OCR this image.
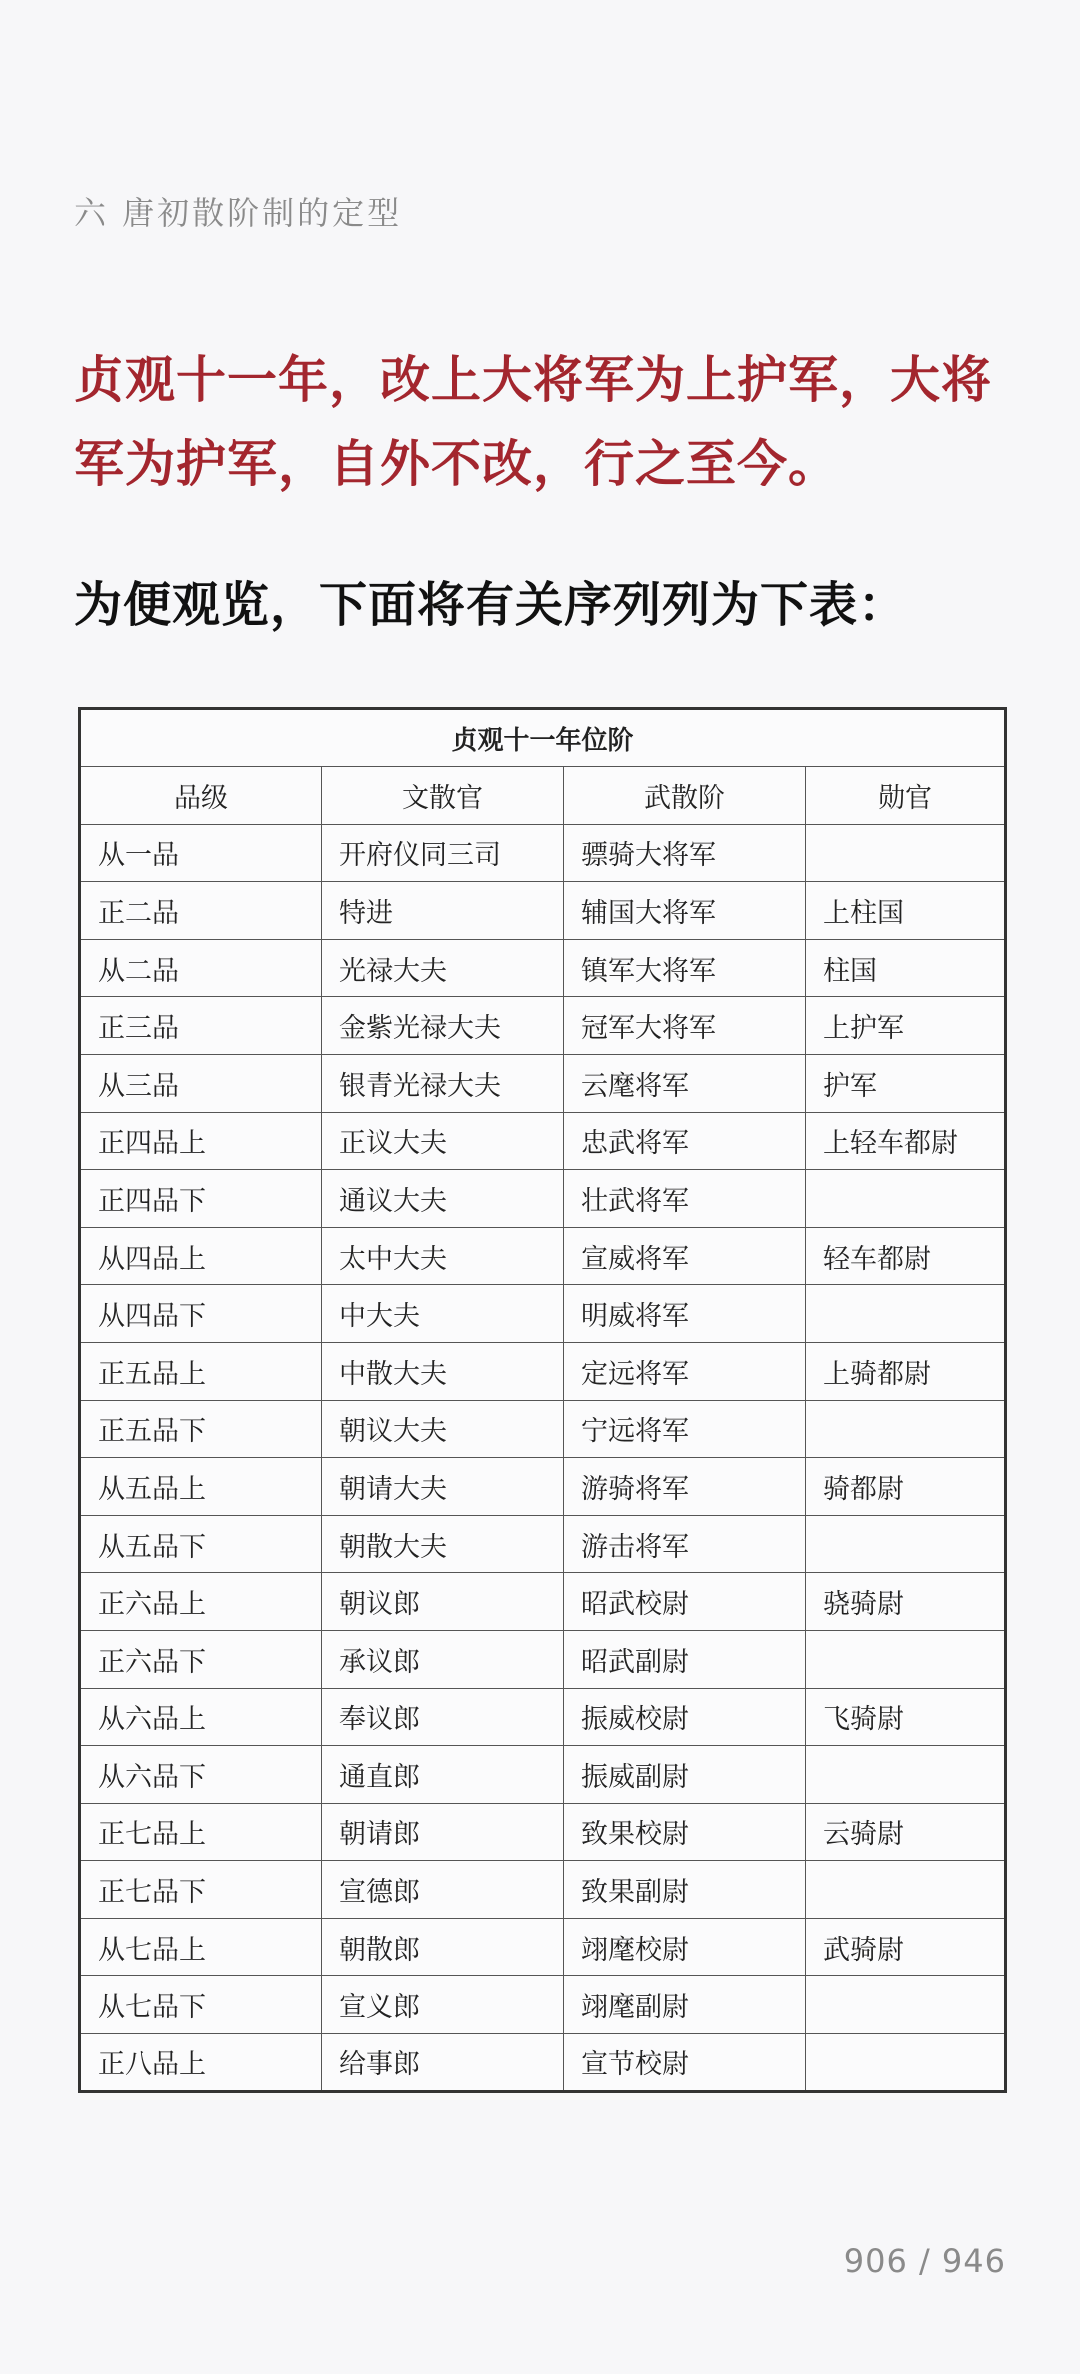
六 唐初散阶制的定型
贞观十一年，改上大将军为上护军，大将军为护军，自外不改，行之至今。
为便观览，下面将有关序列列为下表：
贞观十一年位阶			
品级	文散官	武散阶	勋官
从一品	开府仪同三司	骠骑大将军	
正二品	特进	辅国大将军	上柱国
从二品	光禄大夫	镇军大将军	柱国
正三品	金紫光禄大夫	冠军大将军	上护军
从三品	银青光禄大夫	云麾将军	护军
正四品上	正议大夫	忠武将军	上轻车都尉
正四品下	通议大夫	壮武将军	
从四品上	太中大夫	宣威将军	轻车都尉
从四品下	中大夫	明威将军	
正五品上	中散大夫	定远将军	上骑都尉
正五品下	朝议大夫	宁远将军	
从五品上	朝请大夫	游骑将军	骑都尉
从五品下	朝散大夫	游击将军	
正六品上	朝议郎	昭武校尉	骁骑尉
正六品下	承议郎	昭武副尉	
从六品上	奉议郎	振威校尉	飞骑尉
从六品下	通直郎	振威副尉	
正七品上	朝请郎	致果校尉	云骑尉
正七品下	宣德郎	致果副尉	
从七品上	朝散郎	翊麾校尉	武骑尉
从七品下	宣义郎	翊麾副尉	
正八品上	给事郎	宣节校尉	
906 / 946
